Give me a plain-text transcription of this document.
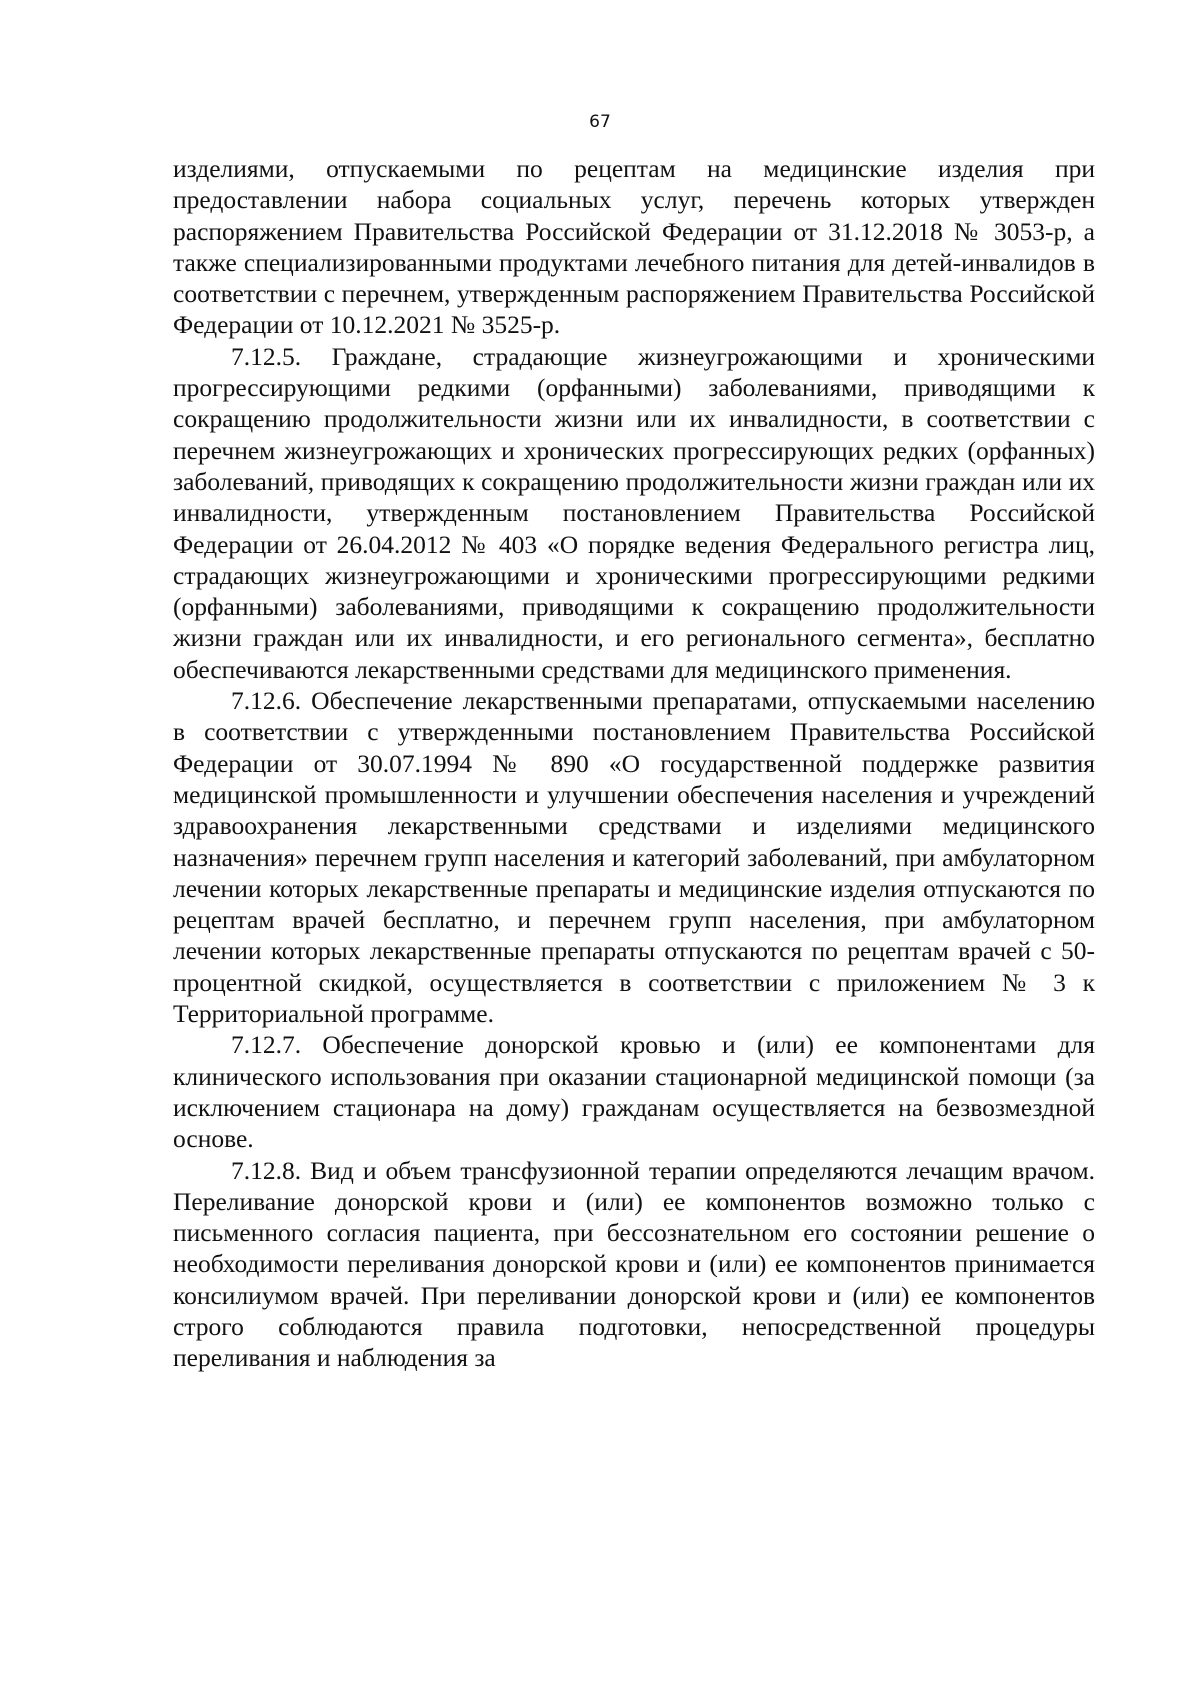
67

изделиями, отпускаемыми по рецептам на медицинские изделия при предоставлении набора социальных услуг, перечень которых утвержден распоряжением Правительства Российской Федерации от 31.12.2018 № 3053-р, а также специализированными продуктами лечебного питания для детей-инвалидов в соответствии с перечнем, утвержденным распоряжением Правительства Российской Федерации от 10.12.2021 № 3525-р.

7.12.5. Граждане, страдающие жизнеугрожающими и хроническими прогрессирующими редкими (орфанными) заболеваниями, приводящими к сокращению продолжительности жизни или их инвалидности, в соответствии с перечнем жизнеугрожающих и хронических прогрессирующих редких (орфанных) заболеваний, приводящих к сокращению продолжительности жизни граждан или их инвалидности, утвержденным постановлением Правительства Российской Федерации от 26.04.2012 № 403 «О порядке ведения Федерального регистра лиц, страдающих жизнеугрожающими и хроническими прогрессирующими редкими (орфанными) заболеваниями, приводящими к сокращению продолжительности жизни граждан или их инвалидности, и его регионального сегмента», бесплатно обеспечиваются лекарственными средствами для медицинского применения.

7.12.6. Обеспечение лекарственными препаратами, отпускаемыми населению в соответствии с утвержденными постановлением Правительства Российской Федерации от 30.07.1994 № 890 «О государственной поддержке развития медицинской промышленности и улучшении обеспечения населения и учреждений здравоохранения лекарственными средствами и изделиями медицинского назначения» перечнем групп населения и категорий заболеваний, при амбулаторном лечении которых лекарственные препараты и медицинские изделия отпускаются по рецептам врачей бесплатно, и перечнем групп населения, при амбулаторном лечении которых лекарственные препараты отпускаются по рецептам врачей с 50-процентной скидкой, осуществляется в соответствии с приложением № 3 к Территориальной программе.

7.12.7. Обеспечение донорской кровью и (или) ее компонентами для клинического использования при оказании стационарной медицинской помощи (за исключением стационара на дому) гражданам осуществляется на безвозмездной основе.

7.12.8. Вид и объем трансфузионной терапии определяются лечащим врачом. Переливание донорской крови и (или) ее компонентов возможно только с письменного согласия пациента, при бессознательном его состоянии решение о необходимости переливания донорской крови и (или) ее компонентов принимается консилиумом врачей. При переливании донорской крови и (или) ее компонентов строго соблюдаются правила подготовки, непосредственной процедуры переливания и наблюдения за
